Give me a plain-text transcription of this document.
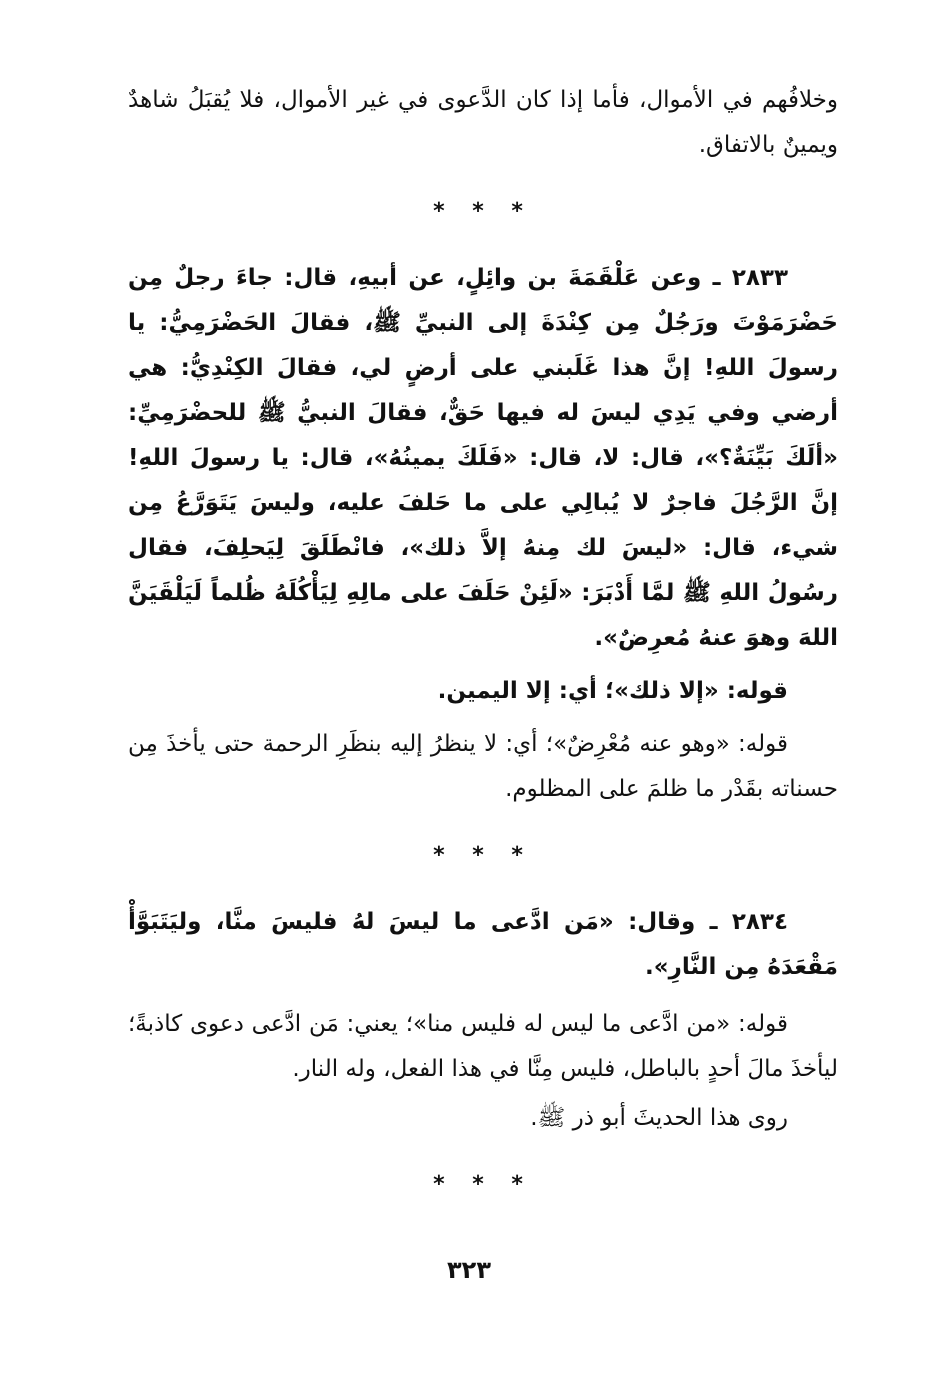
وخلافُهم في الأموال، فأما إذا كان الدَّعوى في غير الأموال، فلا يُقبَلُ شاهدٌ ويمينٌ بالاتفاق.

* * *

٢٨٣٣ ـ وعن عَلْقَمَةَ بن وائِلٍ، عن أبيهِ، قال: جاءَ رجلٌ مِن حَضْرَمَوْتَ ورَجُلٌ مِن كِنْدَةَ إلى النبيِّ ﷺ، فقالَ الحَضْرَمِيُّ: يا رسولَ اللهِ! إنَّ هذا غَلَبني على أرضٍ لي، فقالَ الكِنْدِيُّ: هي أرضي وفي يَدِي ليسَ له فيها حَقٌّ، فقالَ النبيُّ ﷺ للحضْرَمِيِّ: «ألَكَ بَيِّنَةٌ؟»، قال: لا، قال: «فَلَكَ يمينُهُ»، قال: يا رسولَ اللهِ! إنَّ الرَّجُلَ فاجرٌ لا يُبالِي على ما حَلفَ عليه، وليسَ يَتَوَرَّعُ مِن شيء، قال: «ليسَ لك مِنهُ إلاَّ ذلك»، فانْطَلَقَ لِيَحلِفَ، فقال رسُولُ اللهِ ﷺ لمَّا أَدْبَرَ: «لَئِنْ حَلَفَ على مالِهِ لِيَأْكُلَهُ ظُلماً لَيَلْقَيَنَّ اللهَ وهوَ عنهُ مُعرِضٌ».

قوله: «إلا ذلك»؛ أي: إلا اليمين.

قوله: «وهو عنه مُعْرِضٌ»؛ أي: لا ينظرُ إليه بنظَرِ الرحمة حتى يأخذَ مِن حسناته بقَدْر ما ظلمَ على المظلوم.

* * *

٢٨٣٤ ـ وقال: «مَن ادَّعى ما ليسَ لهُ فليسَ منَّا، وليَتَبَوَّأْ مَقْعَدَهُ مِن النَّارِ».

قوله: «من ادَّعى ما ليس له فليس منا»؛ يعني: مَن ادَّعى دعوى كاذبةً؛ ليأخذَ مالَ أحدٍ بالباطل، فليس مِنَّا في هذا الفعل، وله النار.

روى هذا الحديثَ أبو ذر ﷺ.

* * *
٣٢٣
